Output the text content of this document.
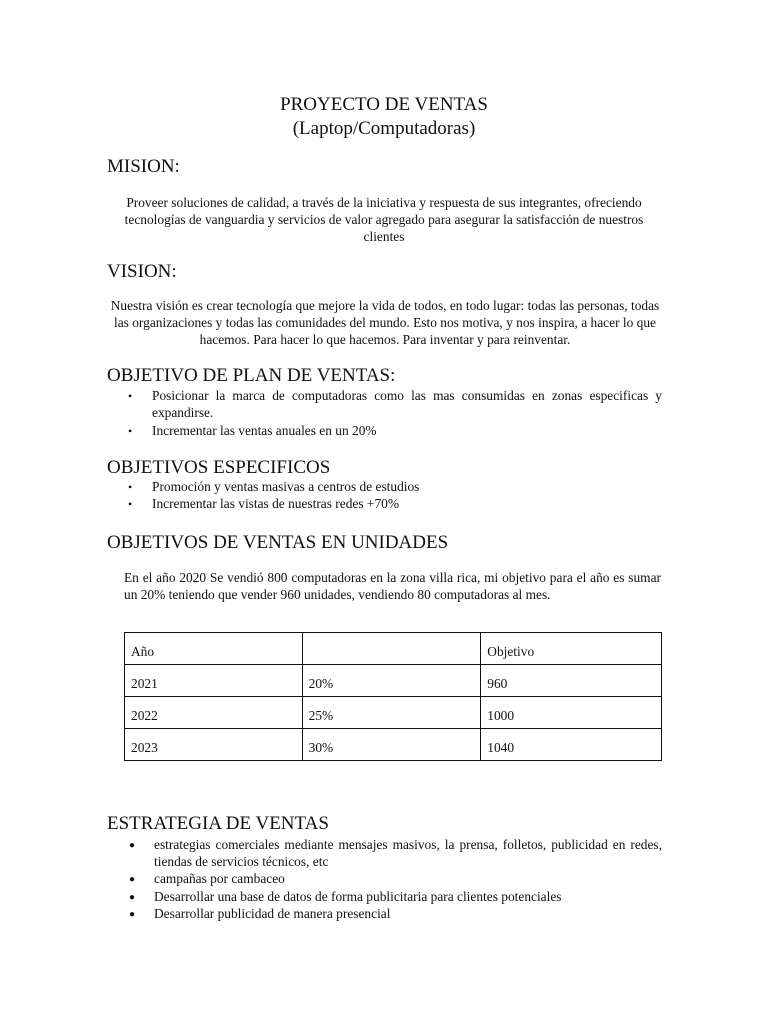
PROYECTO DE VENTAS
(Laptop/Computadoras)
MISION:
Proveer soluciones de calidad, a través de la iniciativa y respuesta de sus integrantes, ofreciendo tecnologías de vanguardia y servicios de valor agregado para asegurar la satisfacción de nuestros clientes
VISION:
Nuestra visión es crear tecnología que mejore la vida de todos, en todo lugar: todas las personas, todas las organizaciones y todas las comunidades del mundo. Esto nos motiva, y nos inspira, a hacer lo que hacemos. Para hacer lo que hacemos. Para inventar y para reinventar.
OBJETIVO DE PLAN DE VENTAS:
• Posicionar la marca de computadoras como las mas consumidas en zonas especificas y expandirse.
• Incrementar las ventas anuales en un 20%
OBJETIVOS ESPECIFICOS
• Promoción y ventas masivas a centros de estudios
• Incrementar las vistas de nuestras redes +70%
OBJETIVOS DE VENTAS EN UNIDADES
En el año 2020 Se vendió 800 computadoras en la zona villa rica, mi objetivo para el año es sumar un 20% teniendo que vender 960 unidades, vendiendo 80 computadoras al mes.
Año		Objetivo
2021	20%	960
2022	25%	1000
2023	30%	1040
ESTRATEGIA DE VENTAS
● estrategias comerciales mediante mensajes masivos, la prensa, folletos, publicidad en redes, tiendas de servicios técnicos, etc
● campañas por cambaceo
● Desarrollar una base de datos de forma publicitaria para clientes potenciales
● Desarrollar publicidad de manera presencial
